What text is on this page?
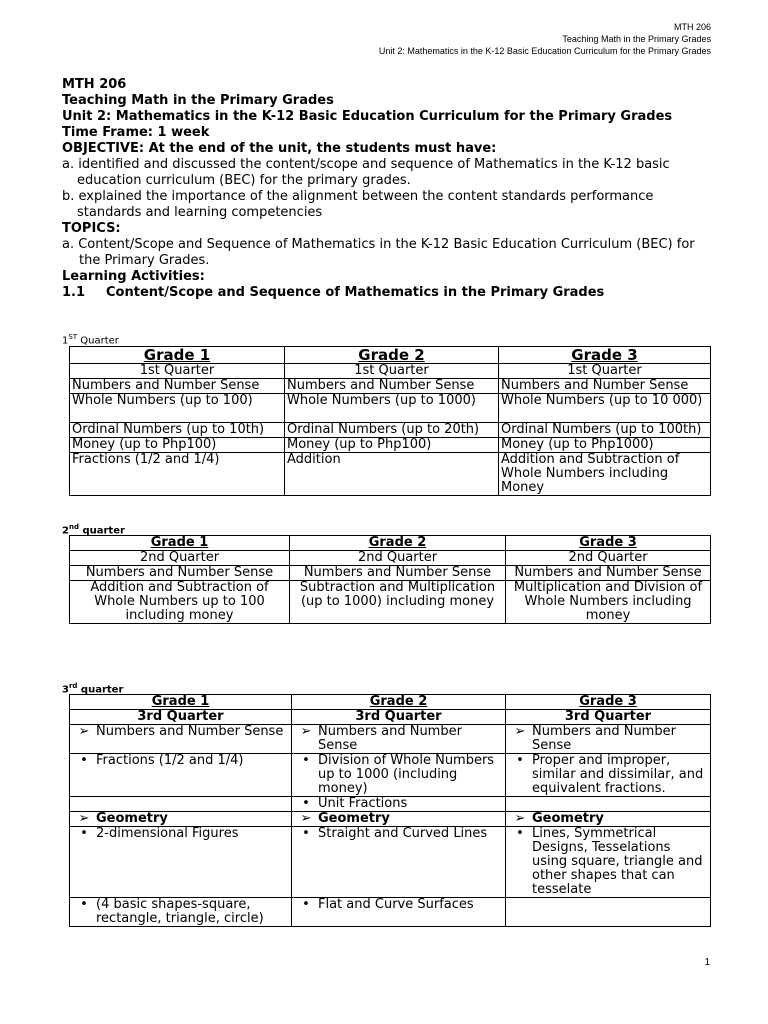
MTH 206
Teaching Math in the Primary Grades
Unit 2: Mathematics in the K-12 Basic Education Curriculum for the Primary Grades
MTH 206
Teaching Math in the Primary Grades
Unit 2: Mathematics in the K-12 Basic Education Curriculum for the Primary Grades
Time Frame: 1 week
OBJECTIVE: At the end of the unit, the students must have:
a. identified and discussed the content/scope and sequence of Mathematics in the K-12 basic education curriculum (BEC) for the primary grades.
b. explained the importance of the alignment between the content standards performance standards and learning competencies
TOPICS:
a. Content/Scope and Sequence of Mathematics in the K-12 Basic Education Curriculum (BEC) for the Primary Grades.
Learning Activities:
1.1	Content/Scope and Sequence of Mathematics in the Primary Grades
1ST Quarter
Grade 1	Grade 2	Grade 3
1st Quarter	1st Quarter	1st Quarter
Numbers and Number Sense	Numbers and Number Sense	Numbers and Number Sense
Whole Numbers (up to 100)	Whole Numbers (up to 1000)	Whole Numbers (up to 10 000)
Ordinal Numbers (up to 10th)	Ordinal Numbers (up to 20th)	Ordinal Numbers (up to 100th)
Money (up to Php100)	Money (up to Php100)	Money (up to Php1000)
Fractions (1/2 and 1/4)	Addition	Addition and Subtraction of Whole Numbers including Money
2nd quarter
Grade 1	Grade 2	Grade 3
2nd Quarter	2nd Quarter	2nd Quarter
Numbers and Number Sense	Numbers and Number Sense	Numbers and Number Sense
Addition and Subtraction of Whole Numbers up to 100 including money	Subtraction and Multiplication (up to 1000) including money	Multiplication and Division of Whole Numbers including money
3rd quarter
Grade 1	Grade 2	Grade 3
3rd Quarter	3rd Quarter	3rd Quarter

➢ Numbers and Number Sense	➢ Numbers and Number Sense	➢ Numbers and Number Sense

• Fractions (1/2 and 1/4)	• Division of Whole Numbers up to 1000 (including money)	• Proper and improper, similar and dissimilar, and equivalent fractions.

	• Unit Fractions	

➢ Geometry	➢ Geometry	➢ Geometry

• 2-dimensional Figures	• Straight and Curved Lines	• Lines, Symmetrical Designs, Tesselations using square, triangle and other shapes that can tesselate

• (4 basic shapes-square, rectangle, triangle, circle)	• Flat and Curve Surfaces	

1
